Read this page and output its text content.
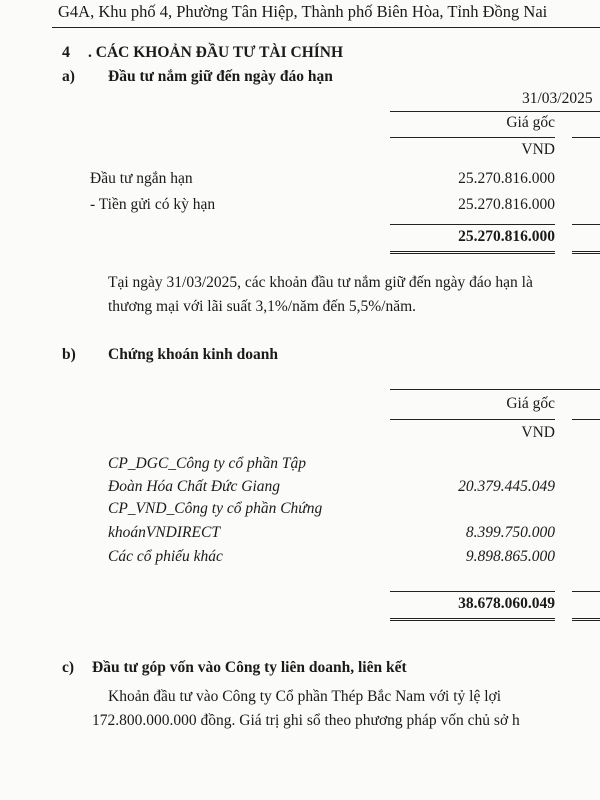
G4A, Khu phố 4, Phường Tân Hiệp, Thành phố Biên Hòa, Tỉnh Đồng Nai
4 . CÁC KHOẢN ĐẦU TƯ TÀI CHÍNH
a) Đầu tư nắm giữ đến ngày đáo hạn
31/03/2025
Giá gốc
VND
Đầu tư ngắn hạn	25.270.816.000
- Tiền gửi có kỳ hạn	25.270.816.000
25.270.816.000
Tại ngày 31/03/2025, các khoản đầu tư nắm giữ đến ngày đáo hạn là
thương mại với lãi suất 3,1%/năm đến 5,5%/năm.
b) Chứng khoán kinh doanh
Giá gốc
VND
CP_DGC_Công ty cổ phần Tập
Đoàn Hóa Chất Đức Giang	20.379.445.049
CP_VND_Công ty cổ phần Chứng
khoánVNDIRECT	8.399.750.000
Các cổ phiếu khác	9.898.865.000
38.678.060.049
c) Đầu tư góp vốn vào Công ty liên doanh, liên kết
Khoản đầu tư vào Công ty Cổ phần Thép Bắc Nam với tỷ lệ lợi
172.800.000.000 đồng. Giá trị ghi sổ theo phương pháp vốn chủ sở h
